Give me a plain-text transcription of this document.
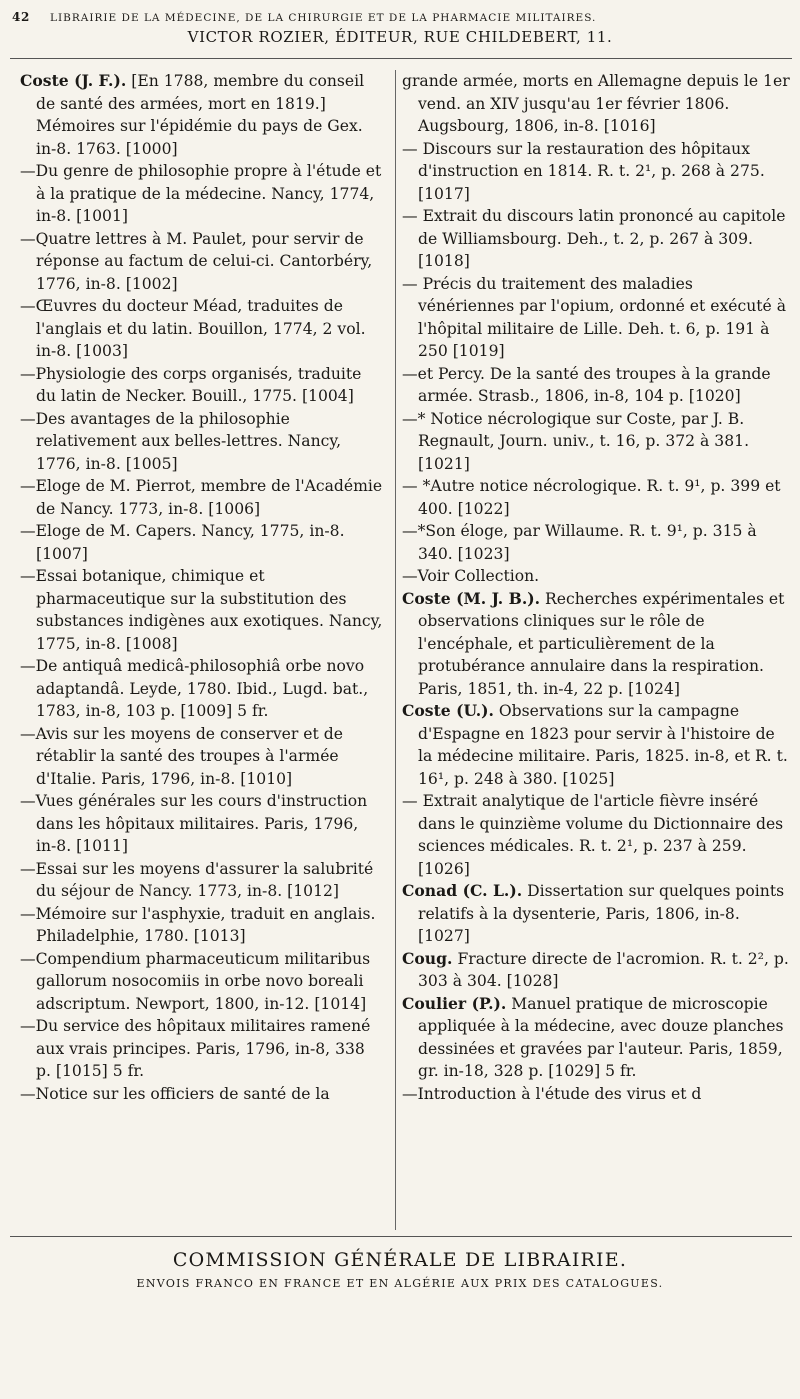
42 LIBRAIRIE DE LA MÉDECINE, DE LA CHIRURGIE ET DE LA PHARMACIE MILITAIRES.
VICTOR ROZIER, ÉDITEUR, RUE CHILDEBERT, 11.
Coste (J. F.). [En 1788, membre du conseil de santé des armées, mort en 1819.] Mémoires sur l'épidémie du pays de Gex. in-8. 1763. [1000]
—Du genre de philosophie propre à l'étude et à la pratique de la médecine. Nancy, 1774, in-8. [1001]
—Quatre lettres à M. Paulet, pour servir de réponse au factum de celui-ci. Cantorbéry, 1776, in-8. [1002]
—Œuvres du docteur Méad, traduites de l'anglais et du latin. Bouillon, 1774, 2 vol. in-8. [1003]
—Physiologie des corps organisés, traduite du latin de Necker. Bouill., 1775. [1004]
—Des avantages de la philosophie relativement aux belles-lettres. Nancy, 1776, in-8. [1005]
—Eloge de M. Pierrot, membre de l'Académie de Nancy. 1773, in-8. [1006]
—Eloge de M. Capers. Nancy, 1775, in-8. [1007]
—Essai botanique, chimique et pharmaceutique sur la substitution des substances indigènes aux exotiques. Nancy, 1775, in-8. [1008]
—De antiquâ medicâ-philosophiâ orbe novo adaptandâ. Leyde, 1780. Ibid., Lugd. bat., 1783, in-8, 103 p. [1009] 5 fr.
—Avis sur les moyens de conserver et de rétablir la santé des troupes à l'armée d'Italie. Paris, 1796, in-8. [1010]
—Vues générales sur les cours d'instruction dans les hôpitaux militaires. Paris, 1796, in-8. [1011]
—Essai sur les moyens d'assurer la salubrité du séjour de Nancy. 1773, in-8. [1012]
—Mémoire sur l'asphyxie, traduit en anglais. Philadelphie, 1780. [1013]
—Compendium pharmaceuticum militaribus gallorum nosocomiis in orbe novo boreali adscriptum. Newport, 1800, in-12. [1014]
—Du service des hôpitaux militaires ramené aux vrais principes. Paris, 1796, in-8, 338 p. [1015] 5 fr.
—Notice sur les officiers de santé de la
grande armée, morts en Allemagne depuis le 1er vend. an XIV jusqu'au 1er février 1806. Augsbourg, 1806, in-8. [1016]
— Discours sur la restauration des hôpitaux d'instruction en 1814. R. t. 2¹, p. 268 à 275. [1017]
— Extrait du discours latin prononcé au capitole de Williamsbourg. Deh., t. 2, p. 267 à 309. [1018]
— Précis du traitement des maladies vénériennes par l'opium, ordonné et exécuté à l'hôpital militaire de Lille. Deh. t. 6, p. 191 à 250 [1019]
—et Percy. De la santé des troupes à la grande armée. Strasb., 1806, in-8, 104 p. [1020]
—* Notice nécrologique sur Coste, par J. B. Regnault, Journ. univ., t. 16, p. 372 à 381. [1021]
— *Autre notice nécrologique. R. t. 9¹, p. 399 et 400. [1022]
—*Son éloge, par Willaume. R. t. 9¹, p. 315 à 340. [1023]
—Voir Collection.
Coste (M. J. B.). Recherches expérimentales et observations cliniques sur le rôle de l'encéphale, et particulièrement de la protubérance annulaire dans la respiration. Paris, 1851, th. in-4, 22 p. [1024]
Coste (U.). Observations sur la campagne d'Espagne en 1823 pour servir à l'histoire de la médecine militaire. Paris, 1825. in-8, et R. t. 16¹, p. 248 à 380. [1025]
— Extrait analytique de l'article fièvre inséré dans le quinzième volume du Dictionnaire des sciences médicales. R. t. 2¹, p. 237 à 259. [1026]
Conad (C. L.). Dissertation sur quelques points relatifs à la dysenterie, Paris, 1806, in-8. [1027]
Coug. Fracture directe de l'acromion. R. t. 2², p. 303 à 304. [1028]
Coulier (P.). Manuel pratique de microscopie appliquée à la médecine, avec douze planches dessinées et gravées par l'auteur. Paris, 1859, gr. in-18, 328 p. [1029] 5 fr.
—Introduction à l'étude des virus et d
COMMISSION GÉNÉRALE DE LIBRAIRIE.
ENVOIS FRANCO EN FRANCE ET EN ALGÉRIE AUX PRIX DES CATALOGUES.
